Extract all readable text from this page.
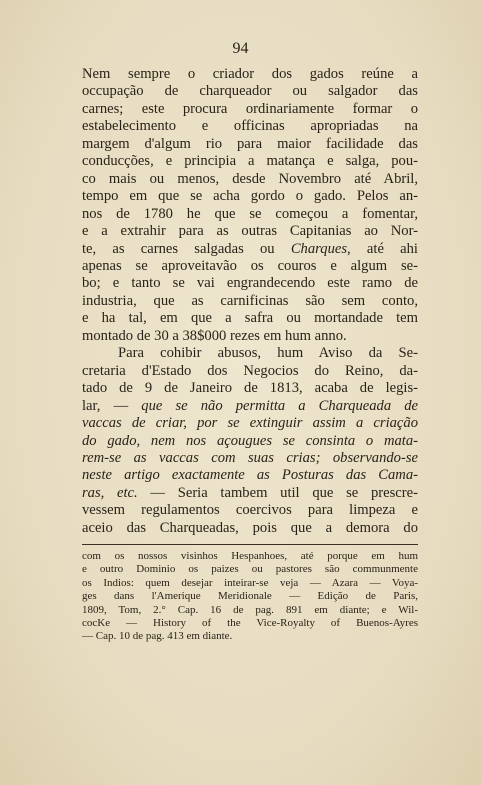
94
Nem sempre o criador dos gados reúne a
occupação de charqueador ou salgador das
carnes; este procura ordinariamente formar o
estabelecimento e officinas apropriadas na
margem d'algum rio para maior facilidade das
conducções, e principia a matança e salga, pou-
co mais ou menos, desde Novembro até Abril,
tempo em que se acha gordo o gado. Pelos an-
nos de 1780 he que se começou a fomentar,
e a extrahir para as outras Capitanias ao Nor-
te, as carnes salgadas ou Charques, até ahi
apenas se aproveitavão os couros e algum se-
bo; e tanto se vai engrandecendo este ramo de
industria, que as carnificinas são sem conto,
e ha tal, em que a safra ou mortandade tem
montado de 30 a 38$000 rezes em hum anno.
Para cohibir abusos, hum Aviso da Se-
cretaria d'Estado dos Negocios do Reino, da-
tado de 9 de Janeiro de 1813, acaba de legis-
lar, — que se não permitta a Charqueada de
vaccas de criar, por se extinguir assim a criação
do gado, nem nos açougues se consinta o mata-
rem-se as vaccas com suas crias; observando-se
neste artigo exactamente as Posturas das Cama-
ras, etc. — Seria tambem util que se prescre-
vessem regulamentos coercivos para limpeza e
aceio das Charqueadas, pois que a demora do
com os nossos visinhos Hespanhoes, até porque em hum
e outro Dominio os paizes ou pastores são communmente
os Indios: quem desejar inteirar-se veja — Azara — Voya-
ges dans l'Amerique Meridionale — Edição de Paris,
1809, Tom, 2.° Cap. 16 de pag. 891 em diante; e Wil-
cocKe — History of the Vice-Royalty of Buenos-Ayres
— Cap. 10 de pag. 413 em diante.
